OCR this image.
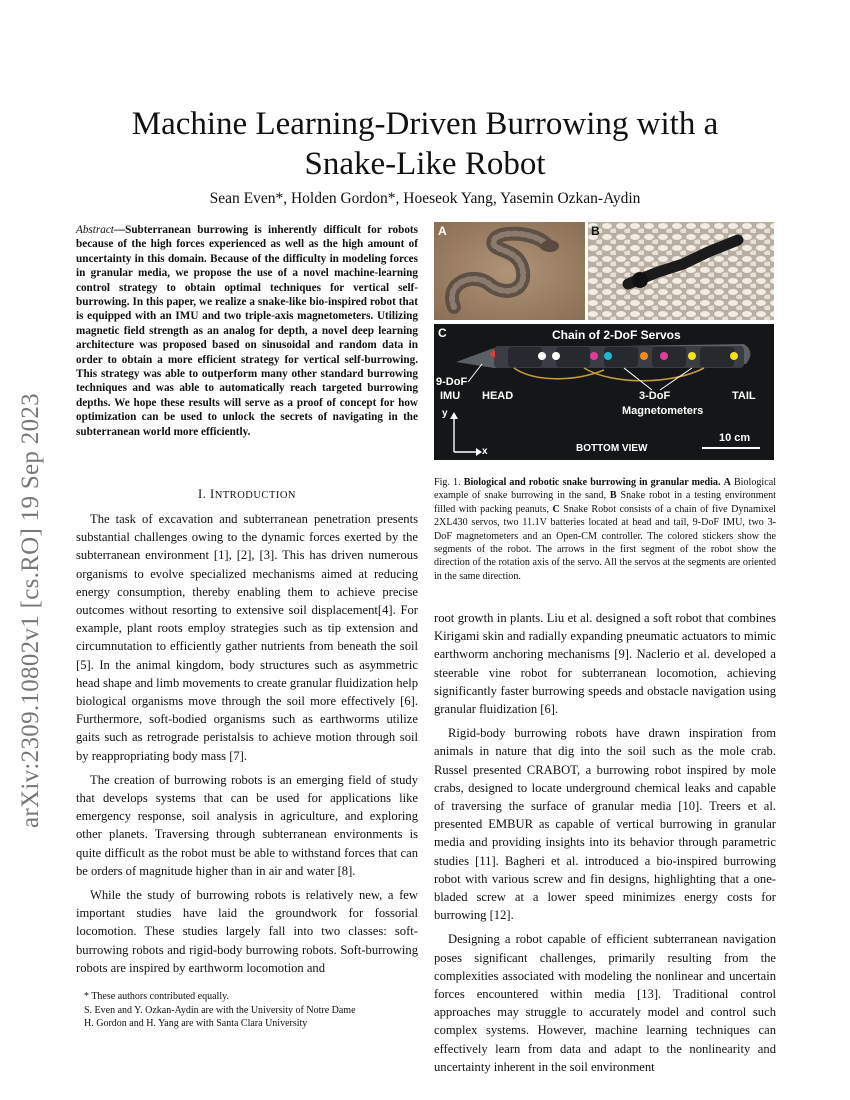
arXiv:2309.10802v1 [cs.RO] 19 Sep 2023
Machine Learning-Driven Burrowing with a
Snake-Like Robot
Sean Even*, Holden Gordon*, Hoeseok Yang, Yasemin Ozkan-Aydin
Abstract—Subterranean burrowing is inherently difficult for robots because of the high forces experienced as well as the high amount of uncertainty in this domain. Because of the difficulty in modeling forces in granular media, we propose the use of a novel machine-learning control strategy to obtain optimal techniques for vertical self-burrowing. In this paper, we realize a snake-like bio-inspired robot that is equipped with an IMU and two triple-axis magnetometers. Utilizing magnetic field strength as an analog for depth, a novel deep learning architecture was proposed based on sinusoidal and random data in order to obtain a more efficient strategy for vertical self-burrowing. This strategy was able to outperform many other standard burrowing techniques and was able to automatically reach targeted burrowing depths. We hope these results will serve as a proof of concept for how optimization can be used to unlock the secrets of navigating in the subterranean world more efficiently.
I. INTRODUCTION

The task of excavation and subterranean penetration presents substantial challenges owing to the dynamic forces exerted by the subterranean environment [1], [2], [3]. This has driven numerous organisms to evolve specialized mechanisms aimed at reducing energy consumption, thereby enabling them to achieve precise outcomes without resorting to extensive soil displacement[4]. For example, plant roots employ strategies such as tip extension and circumnutation to efficiently gather nutrients from beneath the soil [5]. In the animal kingdom, body structures such as asymmetric head shape and limb movements to create granular fluidization help biological organisms move through the soil more effectively [6]. Furthermore, soft-bodied organisms such as earthworms utilize gaits such as retrograde peristalsis to achieve motion through soil by reappropriating body mass [7].

The creation of burrowing robots is an emerging field of study that develops systems that can be used for applications like emergency response, soil analysis in agriculture, and exploring other planets. Traversing through subterranean environments is quite difficult as the robot must be able to withstand forces that can be orders of magnitude higher than in air and water [8].

While the study of burrowing robots is relatively new, a few important studies have laid the groundwork for fossorial locomotion. These studies largely fall into two classes: soft-burrowing robots and rigid-body burrowing robots. Soft-burrowing robots are inspired by earthworm locomotion and

* These authors contributed equally.
S. Even and Y. Ozkan-Aydin are with the University of Notre Dame
H. Gordon and H. Yang are with Santa Clara University
A	B
C	Chain of 2-DoF Servos
9-DoF
IMU HEAD	3-DoF
Magnetometers
TAIL
y
x	BOTTOM VIEW
10 cm
Fig. 1. Biological and robotic snake burrowing in granular media. A Biological example of snake burrowing in the sand, B Snake robot in a testing environment filled with packing peanuts, C Snake Robot consists of a chain of five Dynamixel 2XL430 servos, two 11.1V batteries located at head and tail, 9-DoF IMU, two 3-DoF magnetometers and an Open-CM controller. The colored stickers show the segments of the robot. The arrows in the first segment of the robot show the direction of the rotation axis of the servo. All the servos at the segments are oriented in the same direction.

root growth in plants. Liu et al. designed a soft robot that combines Kirigami skin and radially expanding pneumatic actuators to mimic earthworm anchoring mechanisms [9]. Naclerio et al. developed a steerable vine robot for subterranean locomotion, achieving significantly faster burrowing speeds and obstacle navigation using granular fluidization [6].

Rigid-body burrowing robots have drawn inspiration from animals in nature that dig into the soil such as the mole crab. Russel presented CRABOT, a burrowing robot inspired by mole crabs, designed to locate underground chemical leaks and capable of traversing the surface of granular media [10]. Treers et al. presented EMBUR as capable of vertical burrowing in granular media and providing insights into its behavior through parametric studies [11]. Bagheri et al. introduced a bio-inspired burrowing robot with various screw and fin designs, highlighting that a one-bladed screw at a lower speed minimizes energy costs for burrowing [12].

Designing a robot capable of efficient subterranean navigation poses significant challenges, primarily resulting from the complexities associated with modeling the nonlinear and uncertain forces encountered within media [13]. Traditional control approaches may struggle to accurately model and control such complex systems. However, machine learning techniques can effectively learn from data and adapt to the nonlinearity and uncertainty inherent in the soil environment
